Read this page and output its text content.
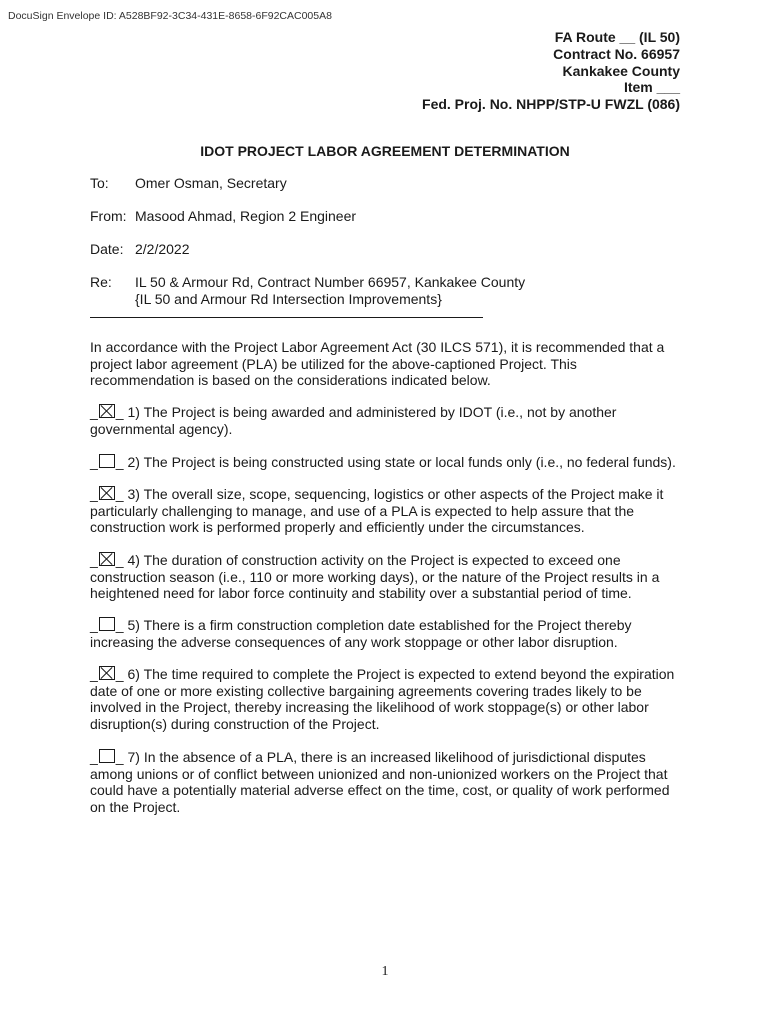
DocuSign Envelope ID: A528BF92-3C34-431E-8658-6F92CAC005A8
FA Route __ (IL 50)
Contract No. 66957
Kankakee County
Item ___
Fed. Proj. No. NHPP/STP-U FWZL (086)
IDOT PROJECT LABOR AGREEMENT DETERMINATION
To: Omer Osman, Secretary
From: Masood Ahmad, Region 2 Engineer
Date: 2/2/2022
Re: IL 50 & Armour Rd, Contract Number 66957, Kankakee County
{IL 50 and Armour Rd Intersection Improvements}
In accordance with the Project Labor Agreement Act (30 ILCS 571), it is recommended that a project labor agreement (PLA) be utilized for the above-captioned Project. This recommendation is based on the considerations indicated below.
_ _ 1) The Project is being awarded and administered by IDOT (i.e., not by another governmental agency).
_ _ 2) The Project is being constructed using state or local funds only (i.e., no federal funds).
_ _ 3) The overall size, scope, sequencing, logistics or other aspects of the Project make it particularly challenging to manage, and use of a PLA is expected to help assure that the construction work is performed properly and efficiently under the circumstances.
_ _ 4) The duration of construction activity on the Project is expected to exceed one construction season (i.e., 110 or more working days), or the nature of the Project results in a heightened need for labor force continuity and stability over a substantial period of time.
_ _ 5) There is a firm construction completion date established for the Project thereby increasing the adverse consequences of any work stoppage or other labor disruption.
_ _ 6) The time required to complete the Project is expected to extend beyond the expiration date of one or more existing collective bargaining agreements covering trades likely to be involved in the Project, thereby increasing the likelihood of work stoppage(s) or other labor disruption(s) during construction of the Project.
_ _ 7) In the absence of a PLA, there is an increased likelihood of jurisdictional disputes among unions or of conflict between unionized and non-unionized workers on the Project that could have a potentially material adverse effect on the time, cost, or quality of work performed on the Project.
1
